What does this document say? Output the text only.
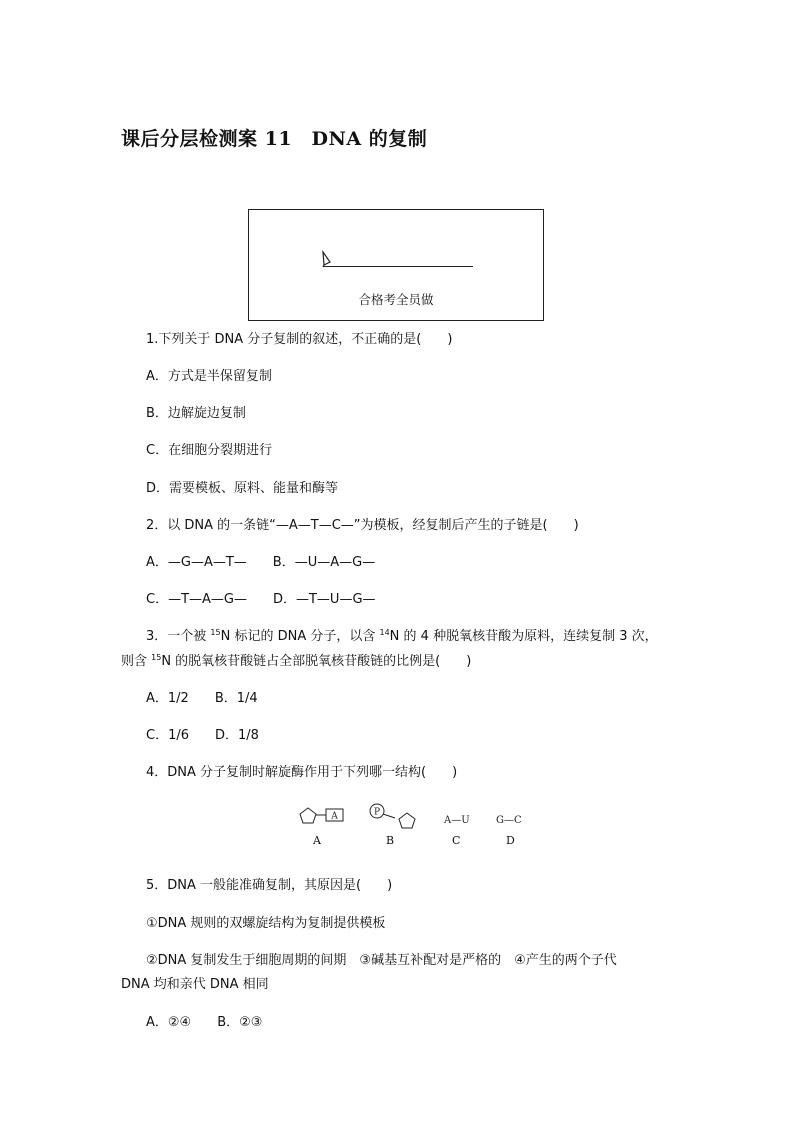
课后分层检测案 11　DNA 的复制
合格考全员做
1.下列关于 DNA 分子复制的叙述，不正确的是(　　)
A．方式是半保留复制
B．边解旋边复制
C．在细胞分裂期进行
D．需要模板、原料、能量和酶等
2．以 DNA 的一条链“—A—T—C—”为模板，经复制后产生的子链是(　　)
A．—G—A—T—　　B．—U—A—G—
C．—T—A—G—　　D．—T—U—G—
3．一个被 $^{15}$N 标记的 DNA 分子，以含 $^{14}$N 的 4 种脱氧核苷酸为原料，连续复制 3 次，
则含 $^{15}$N 的脱氧核苷酸链占全部脱氧核苷酸链的比例是(　　)
A．1/2　　B．1/4
C．1/6　　D．1/8
4．DNA 分子复制时解旋酶作用于下列哪一结构(　　)
A	P
A—U	G—C
A	B	C	D
5．DNA 一般能准确复制，其原因是(　　)
①DNA 规则的双螺旋结构为复制提供模板
②DNA 复制发生于细胞周期的间期　③碱基互补配对是严格的　④产生的两个子代
DNA 均和亲代 DNA 相同
A．②④　　B．②③
